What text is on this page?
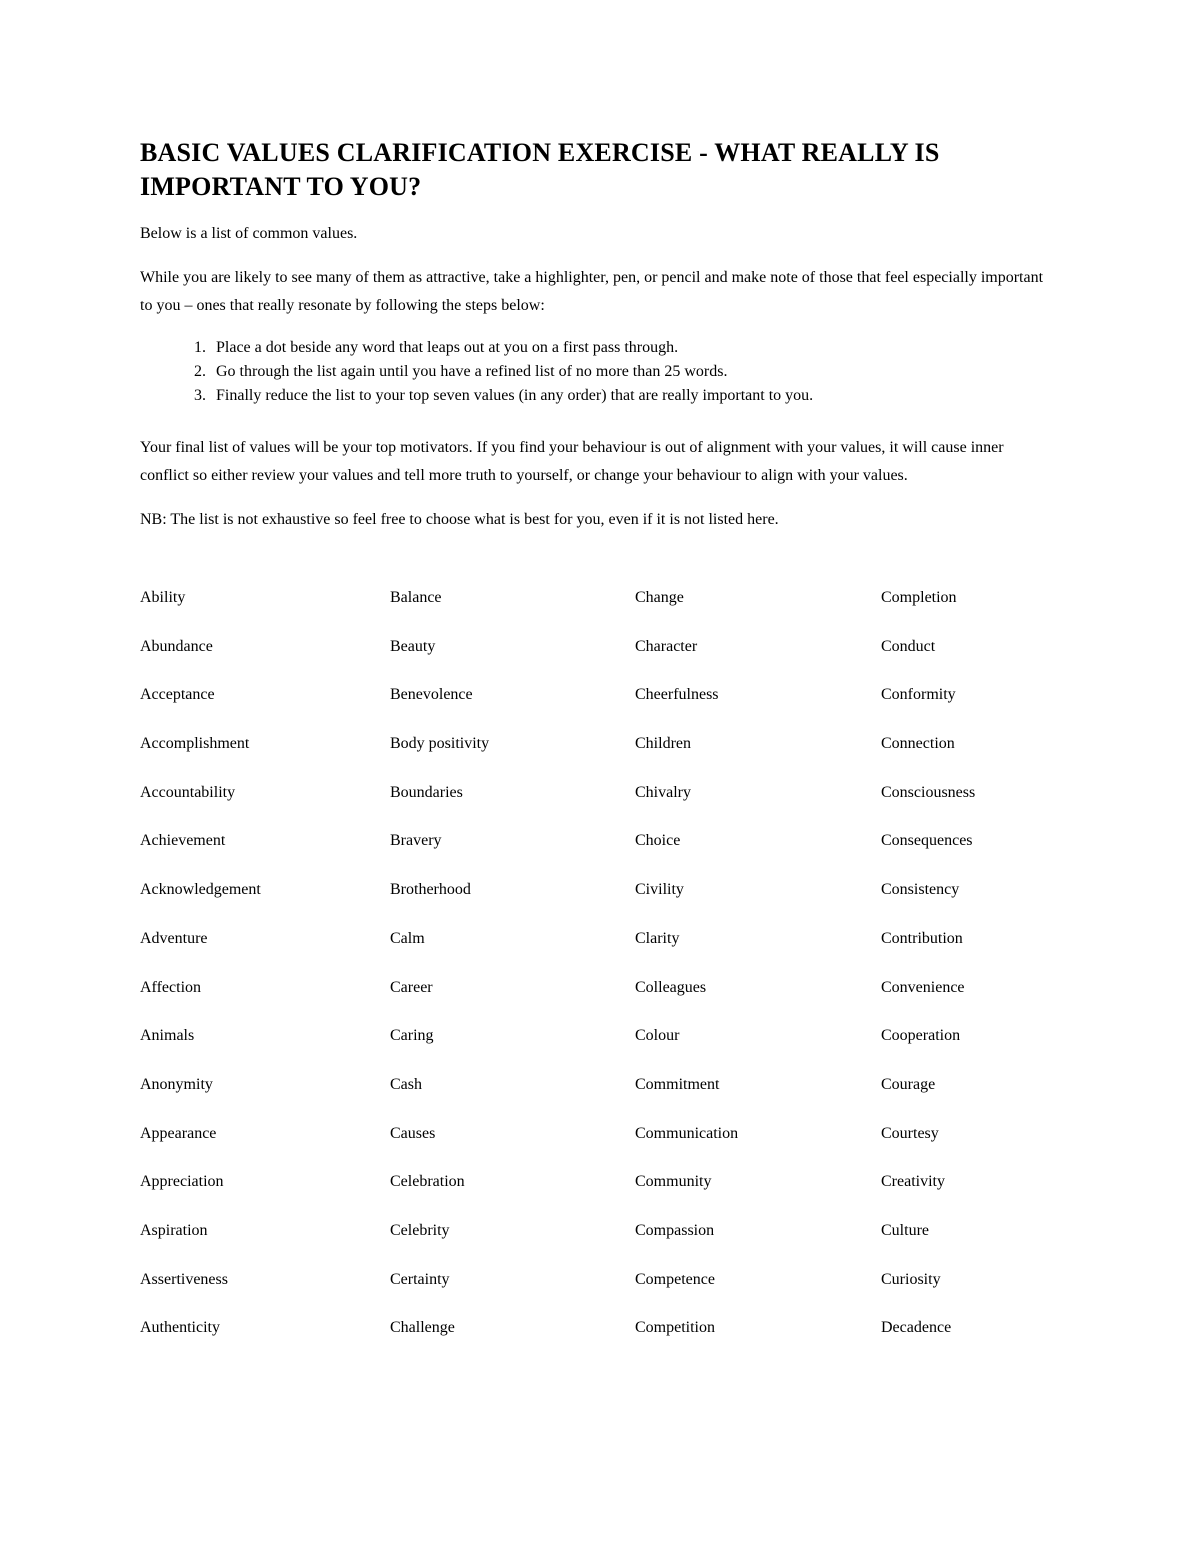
BASIC VALUES CLARIFICATION EXERCISE - WHAT REALLY IS IMPORTANT TO YOU?

Below is a list of common values.

While you are likely to see many of them as attractive, take a highlighter, pen, or pencil and make note of those that feel especially important to you – ones that really resonate by following the steps below:

1. Place a dot beside any word that leaps out at you on a first pass through.
2. Go through the list again until you have a refined list of no more than 25 words.
3. Finally reduce the list to your top seven values (in any order) that are really important to you.

Your final list of values will be your top motivators. If you find your behaviour is out of alignment with your values, it will cause inner conflict so either review your values and tell more truth to yourself, or change your behaviour to align with your values.

NB: The list is not exhaustive so feel free to choose what is best for you, even if it is not listed here.

Ability
Abundance
Acceptance
Accomplishment
Accountability
Achievement
Acknowledgement
Adventure
Affection
Animals
Anonymity
Appearance
Appreciation
Aspiration
Assertiveness
Authenticity
Balance
Beauty
Benevolence
Body positivity
Boundaries
Bravery
Brotherhood
Calm
Career
Caring
Cash
Causes
Celebration
Celebrity
Certainty
Challenge
Change
Character
Cheerfulness
Children
Chivalry
Choice
Civility
Clarity
Colleagues
Colour
Commitment
Communication
Community
Compassion
Competence
Competition
Completion
Conduct
Conformity
Connection
Consciousness
Consequences
Consistency
Contribution
Convenience
Cooperation
Courage
Courtesy
Creativity
Culture
Curiosity
Decadence
